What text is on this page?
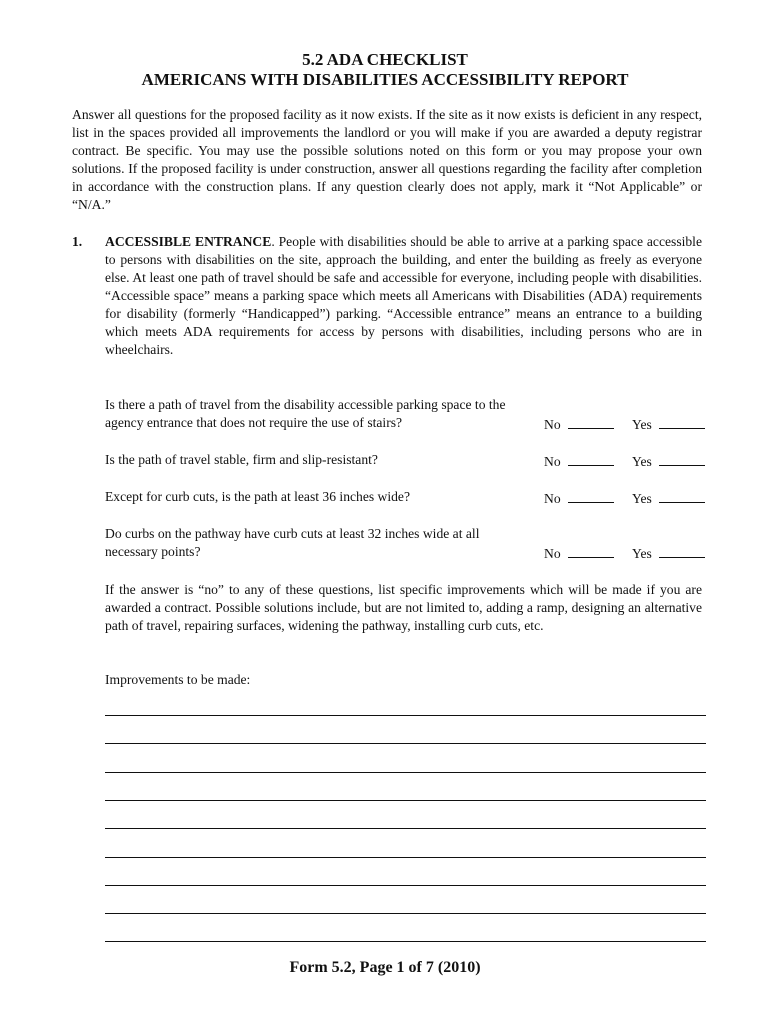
5.2 ADA CHECKLIST
AMERICANS WITH DISABILITIES ACCESSIBILITY REPORT
Answer all questions for the proposed facility as it now exists. If the site as it now exists is deficient in any respect, list in the spaces provided all improvements the landlord or you will make if you are awarded a deputy registrar contract. Be specific. You may use the possible solutions noted on this form or you may propose your own solutions. If the proposed facility is under construction, answer all questions regarding the facility after completion in accordance with the construction plans. If any question clearly does not apply, mark it “Not Applicable” or “N/A.”
1. ACCESSIBLE ENTRANCE. People with disabilities should be able to arrive at a parking space accessible to persons with disabilities on the site, approach the building, and enter the building as freely as everyone else. At least one path of travel should be safe and accessible for everyone, including people with disabilities. “Accessible space” means a parking space which meets all Americans with Disabilities (ADA) requirements for disability (formerly “Handicapped”) parking. “Accessible entrance” means an entrance to a building which meets ADA requirements for access by persons with disabilities, including persons who are in wheelchairs.
Is there a path of travel from the disability accessible parking space to the agency entrance that does not require the use of stairs?	No	Yes
Is the path of travel stable, firm and slip-resistant?	No	Yes
Except for curb cuts, is the path at least 36 inches wide?	No	Yes
Do curbs on the pathway have curb cuts at least 32 inches wide at all necessary points?	No	Yes
If the answer is “no” to any of these questions, list specific improvements which will be made if you are awarded a contract. Possible solutions include, but are not limited to, adding a ramp, designing an alternative path of travel, repairing surfaces, widening the pathway, installing curb cuts, etc.
Improvements to be made:
Form 5.2, Page 1 of 7 (2010)
